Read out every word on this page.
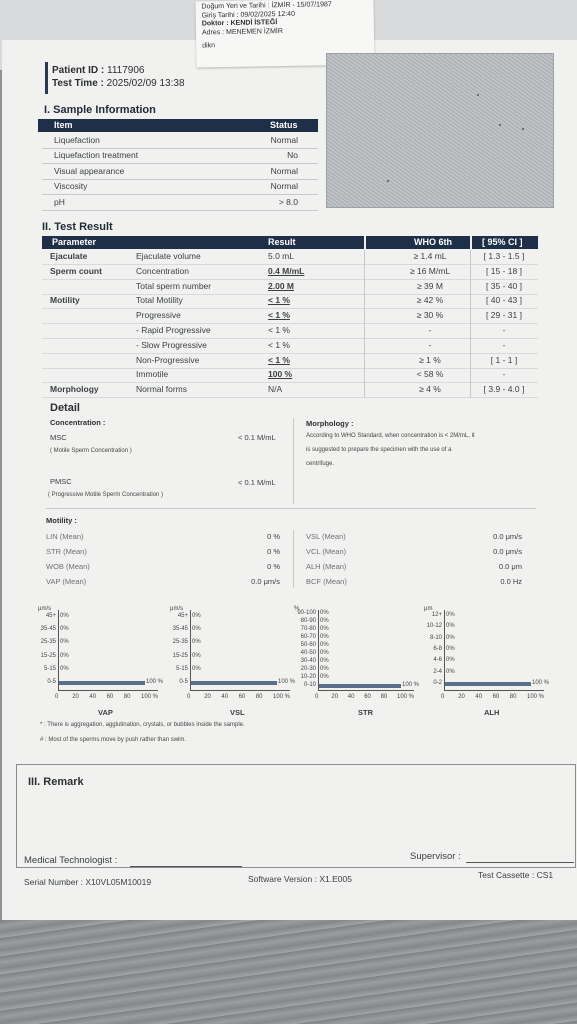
Doğum Yeri ve Tarihi : İZMİR - 15/07/1987
Giriş Tarihi : 09/02/2025 12:40
Doktor : KENDİ İSTEĞİ
Adres : MENEMEN İZMİR
dikn
Patient ID : 1117906
Test Time : 2025/02/09 13:38
I. Sample Information
Item	Status
Liquefaction	Normal
Liquefaction treatment	No
Visual appearance	Normal
Viscosity	Normal
pH	> 8.0
II. Test Result
Parameter	Result	WHO 6th	[ 95% CI ]
Ejaculate	Ejaculate volume	5.0 mL	≥ 1.4 mL	[ 1.3 - 1.5 ]
Sperm count	Concentration	0.4 M/mL	≥ 16 M/mL	[ 15 - 18 ]
Total sperm number	2.00 M	≥ 39 M	[ 35 - 40 ]
Motility	Total Motility	< 1 %	≥ 42 %	[ 40 - 43 ]
Progressive	< 1 %	≥ 30 %	[ 29 - 31 ]
- Rapid Progressive	< 1 %	-	-
- Slow Progressive	< 1 %	-	-
Non-Progressive	< 1 %	≥ 1 %	[ 1 - 1 ]
Immotile	100 %	< 58 %	-
Morphology	Normal forms	N/A	≥ 4 %	[ 3.9 - 4.0 ]
Detail
Concentration :
MSC
( Motile Sperm Concentration )
< 0.1 M/mL
PMSC
( Progressive Motile Sperm Concentration )
< 0.1 M/mL
Morphology :
According to WHO Standard, when concentration is < 2M/mL, it
is suggested to prepare the specimen with the use of a
centrifuge.
Motility :
LIN (Mean)	0 %
STR (Mean)	0 %
WOB (Mean)	0 %
VAP (Mean)	0.0 μm/s
VSL (Mean)	0.0 μm/s
VCL (Mean)	0.0 μm/s
ALH (Mean)	0.0 μm
BCF (Mean)	0.0 Hz
μm/s
45+ 0%
35-45 0%
25-35 0%
15-25 0%
5-15 0%
0-5	100 %
0 20 40 60 80 100 %
VAP
μm/s
45+ 0%
35-45 0%
25-35 0%
15-25 0%
5-15 0%
0-5	100 %
0 20 40 60 80 100 %
VSL
%
90-100 0%
80-90 0%
70-80 0%
60-70 0%
50-60 0%
40-50 0%
30-40 0%
20-30 0%
10-20 0%
0-10	100 %
0 20 40 60 80 100 %
STR
μm
12+ 0%
10-12 0%
8-10 0%
6-8 0%
4-6 0%
2-4 0%
0-2	100 %
0 20 40 60 80 100 %
ALH
* : There is aggregation, agglutination, crystals, or bubbles inside the sample.
# : Most of the sperms move by push rather than swim.
III. Remark
Medical Technologist :	Supervisor :
Serial Number : X10VL05M10019	Software Version : X1.E005	Test Cassette : CS1
